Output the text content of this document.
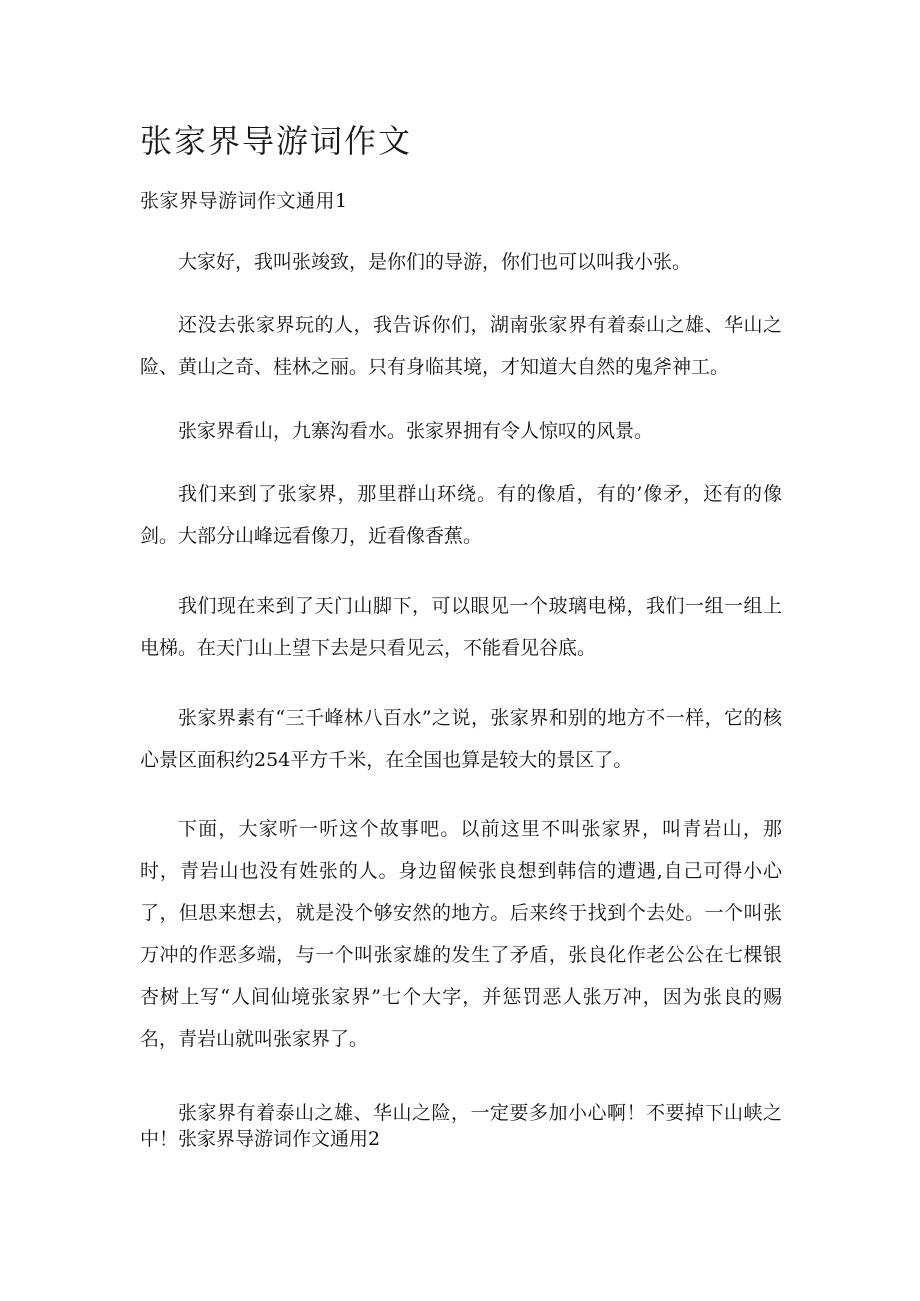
张家界导游词作文
张家界导游词作文通用1

大家好，我叫张竣致，是你们的导游，你们也可以叫我小张。

还没去张家界玩的人，我告诉你们，湖南张家界有着泰山之雄、华山之险、黄山之奇、桂林之丽。只有身临其境，才知道大自然的鬼斧神工。

张家界看山，九寨沟看水。张家界拥有令人惊叹的风景。

我们来到了张家界，那里群山环绕。有的像盾，有的’像矛，还有的像剑。大部分山峰远看像刀，近看像香蕉。

我们现在来到了天门山脚下，可以眼见一个玻璃电梯，我们一组一组上电梯。在天门山上望下去是只看见云，不能看见谷底。

张家界素有“三千峰林八百水”之说，张家界和别的地方不一样，它的核心景区面积约254平方千米，在全国也算是较大的景区了。

下面，大家听一听这个故事吧。以前这里不叫张家界，叫青岩山，那时，青岩山也没有姓张的人。身边留候张良想到韩信的遭遇,自己可得小心了，但思来想去，就是没个够安然的地方。后来终于找到个去处。一个叫张万冲的作恶多端，与一个叫张家雄的发生了矛盾，张良化作老公公在七棵银杏树上写“人间仙境张家界”七个大字，并惩罚恶人张万冲，因为张良的赐名，青岩山就叫张家界了。

张家界有着泰山之雄、华山之险，一定要多加小心啊！不要掉下山峡之中！张家界导游词作文通用2
